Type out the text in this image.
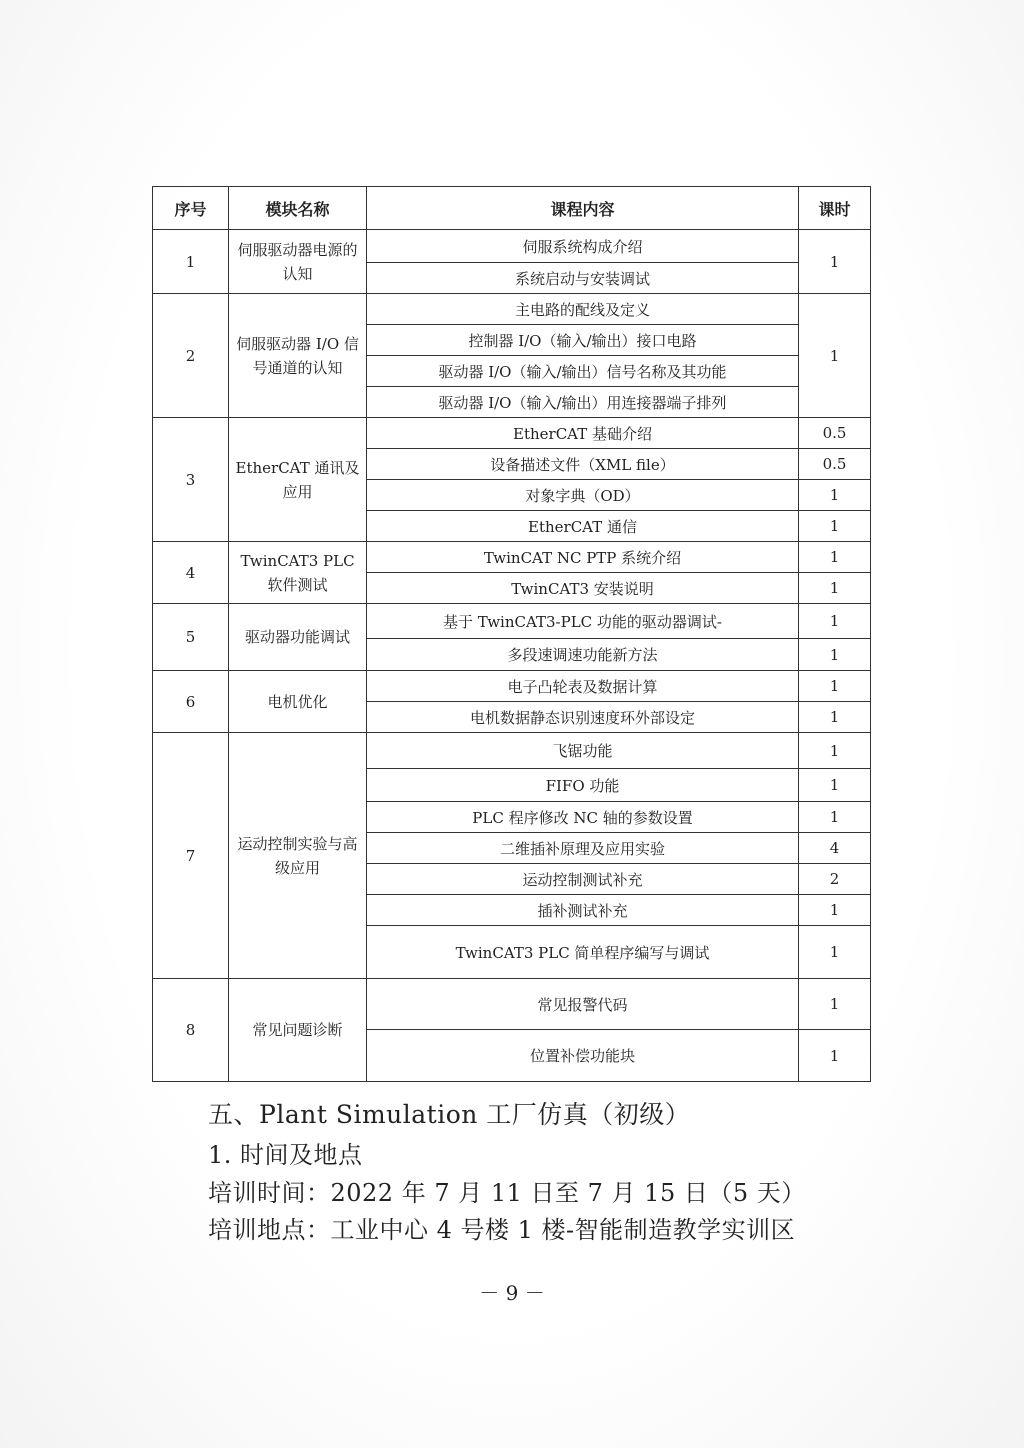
序号	模块名称	课程内容	课时
1	伺服驱动器电源的认知	伺服系统构成介绍	1
		系统启动与安装调试	
2	伺服驱动器 I/O 信号通道的认知	主电路的配线及定义	1
		控制器 I/O（输入/输出）接口电路	
		驱动器 I/O（输入/输出）信号名称及其功能	
		驱动器 I/O（输入/输出）用连接器端子排列	
3	EtherCAT 通讯及应用	EtherCAT 基础介绍	0.5
		设备描述文件（XML file）	0.5
		对象字典（OD）	1
		EtherCAT 通信	1
4	TwinCAT3 PLC 软件测试	TwinCAT NC PTP 系统介绍	1
		TwinCAT3 安装说明	1
5	驱动器功能调试	基于 TwinCAT3-PLC 功能的驱动器调试-	1
		多段速调速功能新方法	1
6	电机优化	电子凸轮表及数据计算	1
		电机数据静态识别速度环外部设定	1
7	运动控制实验与高级应用	飞锯功能	1
		FIFO 功能	1
		PLC 程序修改 NC 轴的参数设置	1
		二维插补原理及应用实验	4
		运动控制测试补充	2
		插补测试补充	1
		TwinCAT3 PLC 简单程序编写与调试	1
8	常见问题诊断	常见报警代码	1
		位置补偿功能块	1
五、Plant Simulation 工厂仿真（初级）
1. 时间及地点
培训时间：2022 年 7 月 11 日至 7 月 15 日（5 天）
培训地点：工业中心 4 号楼 1 楼-智能制造教学实训区
－ 9 －
